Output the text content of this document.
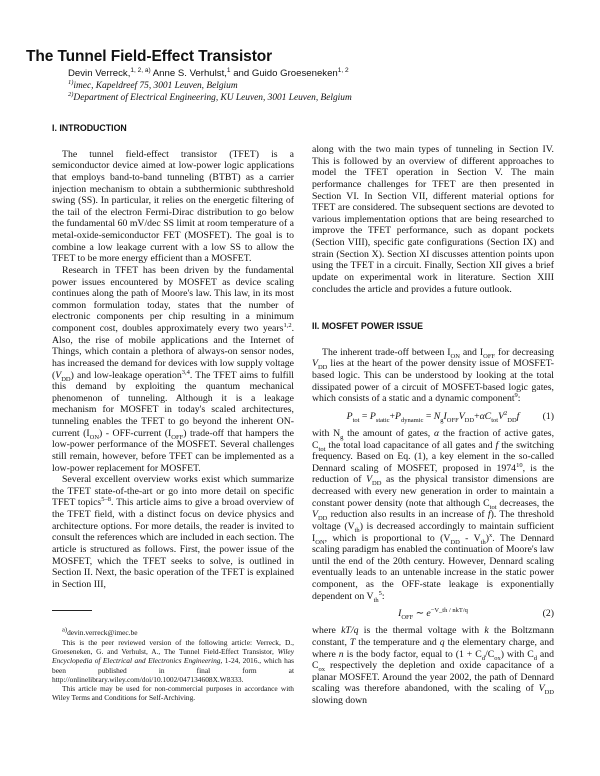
The Tunnel Field-Effect Transistor
Devin Verreck,$^{1, 2, a)}$ Anne S. Verhulst,$^1$ and Guido Groeseneken$^{1, 2}$
$^{1)}$imec, Kapeldreef 75, 3001 Leuven, Belgium
$^{2)}$Department of Electrical Engineering, KU Leuven, 3001 Leuven, Belgium
I. INTRODUCTION

The tunnel field-effect transistor (TFET) is a semiconductor device aimed at low-power logic applications that employs band-to-band tunneling (BTBT) as a carrier injection mechanism to obtain a subthermionic subthreshold swing (SS). In particular, it relies on the energetic filtering of the tail of the electron Fermi-Dirac distribution to go below the fundamental 60 mV/dec SS limit at room temperature of a metal-oxide-semiconductor FET (MOSFET). The goal is to combine a low leakage current with a low SS to allow the TFET to be more energy efficient than a MOSFET.

Research in TFET has been driven by the fundamental power issues encountered by MOSFET as device scaling continues along the path of Moore's law. This law, in its most common formulation today, states that the number of electronic components per chip resulting in a minimum component cost, doubles approximately every two years$^{1,2}$. Also, the rise of mobile applications and the Internet of Things, which contain a plethora of always-on sensor nodes, has increased the demand for devices with low supply voltage $(V_{DD})$ and low-leakage operation$^{3,4}$. The TFET aims to fulfill this demand by exploiting the quantum mechanical phenomenon of tunneling. Although it is a leakage mechanism for MOSFET in today's scaled architectures, tunneling enables the TFET to go beyond the inherent ON-current $(I_{ON})$ - OFF-current $(I_{OFF})$ trade-off that hampers the low-power performance of the MOSFET. Several challenges still remain, however, before TFET can be implemented as a low-power replacement for MOSFET.

Several excellent overview works exist which summarize the TFET state-of-the-art or go into more detail on specific TFET topics$^{5-8}$. This article aims to give a broad overview of the TFET field, with a distinct focus on device physics and architecture options. For more details, the reader is invited to consult the references which are included in each section. The article is structured as follows. First, the power issue of the MOSFET, which the TFET seeks to solve, is outlined in Section II. Next, the basic operation of the TFET is explained in Section III,

$^{a)}$devin.verreck@imec.be

This is the peer reviewed version of the following article: Verreck, D., Groeseneken, G. and Verhulst, A., The Tunnel Field-Effect Transistor, Wiley Encyclopedia of Electrical and Electronics Engineering, 1-24, 2016., which has been published in final form at http://onlinelibrary.wiley.com/doi/10.1002/047134608X.W8333.

This article may be used for non-commercial purposes in accordance with Wiley Terms and Conditions for Self-Archiving.

along with the two main types of tunneling in Section IV. This is followed by an overview of different approaches to model the TFET operation in Section V. The main performance challenges for TFET are then presented in Section VI. In Section VII, different material options for TFET are considered. The subsequent sections are devoted to various implementation options that are being researched to improve the TFET performance, such as dopant pockets (Section VIII), specific gate configurations (Section IX) and strain (Section X). Section XI discusses attention points upon using the TFET in a circuit. Finally, Section XII gives a brief update on experimental work in literature. Section XIII concludes the article and provides a future outlook.

II. MOSFET POWER ISSUE

The inherent trade-off between $I_{ON}$ and $I_{OFF}$ for decreasing $V_{DD}$ lies at the heart of the power density issue of MOSFET-based logic. This can be understood by looking at the total dissipated power of a circuit of MOSFET-based logic gates, which consists of a static and a dynamic component$^9$:

$P_{tot} = P_{static}+P_{dynamic} = N_gI_{OFF}V_{DD}+\alpha C_{tot}V^2_{DD}f$ (1)

with $N_g$ the amount of gates, α the fraction of active gates, $C_{tot}$ the total load capacitance of all gates and f the switching frequency. Based on Eq. (1), a key element in the so-called Dennard scaling of MOSFET, proposed in 1974$^{10}$, is the reduction of $V_{DD}$ as the physical transistor dimensions are decreased with every new generation in order to maintain a constant power density (note that although $C_{tot}$ decreases, the $V_{DD}$ reduction also results in an increase of f). The threshold voltage $(V_{th})$ is decreased accordingly to maintain sufficient $I_{ON}$, which is proportional to $(V_{DD} - V_{th})^x$. The Dennard scaling paradigm has enabled the continuation of Moore's law until the end of the 20th century. However, Dennard scaling eventually leads to an untenable increase in the static power component, as the OFF-state leakage is exponentially dependent on $V_{th}^5$:

$I_{OFF}$ ∼ $e^{-V\_th / nkT/q}$	(2)

where kT/q is the thermal voltage with k the Boltzmann constant, T the temperature and q the elementary charge, and where n is the body factor, equal to $(1 + C_d/C_{ox})$ with $C_d$ and $C_{ox}$ respectively the depletion and oxide capacitance of a planar MOSFET. Around the year 2002, the path of Dennard scaling was therefore abandoned, with the scaling of $V_{DD}$ slowing down
